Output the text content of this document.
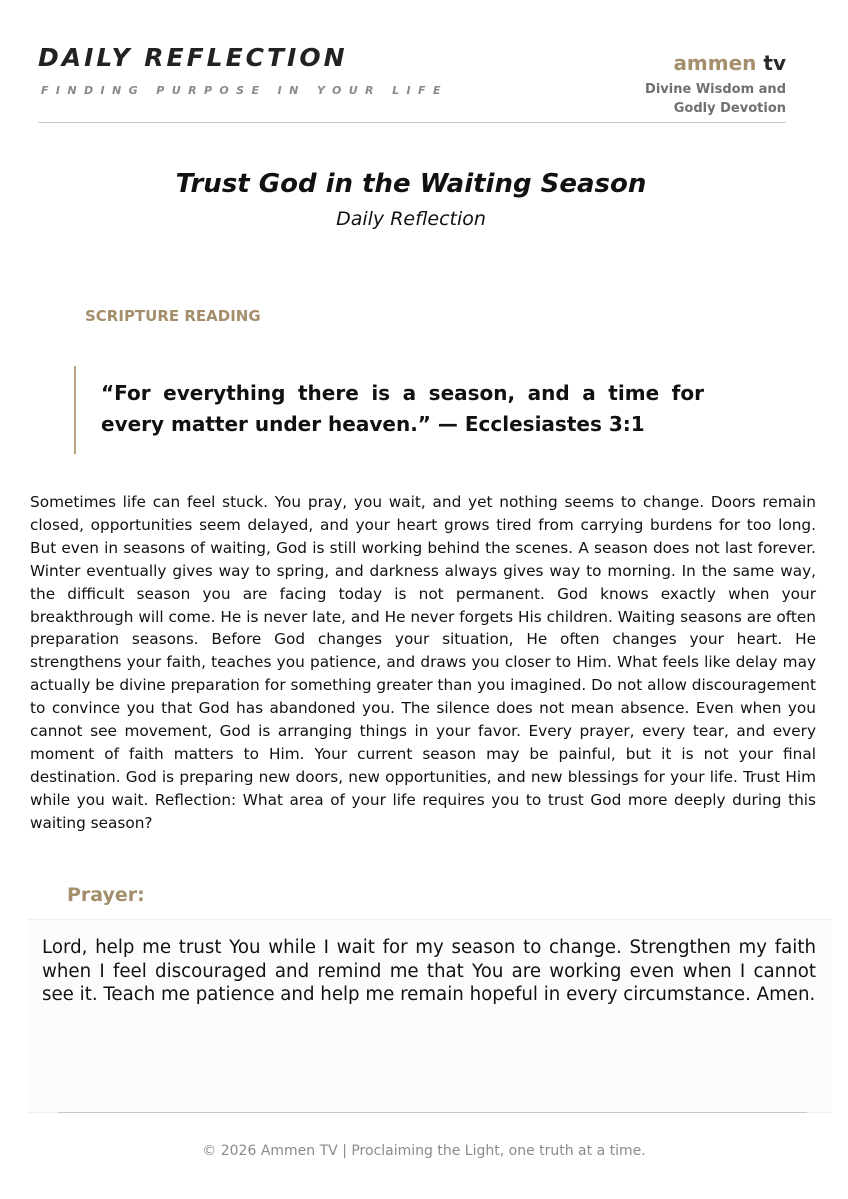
DAILY REFLECTION
FINDING PURPOSE IN YOUR LIFE
ammen tv
Divine Wisdom and
Godly Devotion
Trust God in the Waiting Season
Daily Reflection
SCRIPTURE READING

“For everything there is a season, and a time for every matter under heaven.” — Ecclesiastes 3:1

Sometimes life can feel stuck. You pray, you wait, and yet nothing seems to change. Doors remain closed, opportunities seem delayed, and your heart grows tired from carrying burdens for too long. But even in seasons of waiting, God is still working behind the scenes. A season does not last forever. Winter eventually gives way to spring, and darkness always gives way to morning. In the same way, the difficult season you are facing today is not permanent. God knows exactly when your breakthrough will come. He is never late, and He never forgets His children. Waiting seasons are often preparation seasons. Before God changes your situation, He often changes your heart. He strengthens your faith, teaches you patience, and draws you closer to Him. What feels like delay may actually be divine preparation for something greater than you imagined. Do not allow discouragement to convince you that God has abandoned you. The silence does not mean absence. Even when you cannot see movement, God is arranging things in your favor. Every prayer, every tear, and every moment of faith matters to Him. Your current season may be painful, but it is not your final destination. God is preparing new doors, new opportunities, and new blessings for your life. Trust Him while you wait. Reflection: What area of your life requires you to trust God more deeply during this waiting season?

Prayer:

Lord, help me trust You while I wait for my season to change. Strengthen my faith when I feel discouraged and remind me that You are working even when I cannot see it. Teach me patience and help me remain hopeful in every circumstance. Amen.

© 2026 Ammen TV | Proclaiming the Light, one truth at a time.
